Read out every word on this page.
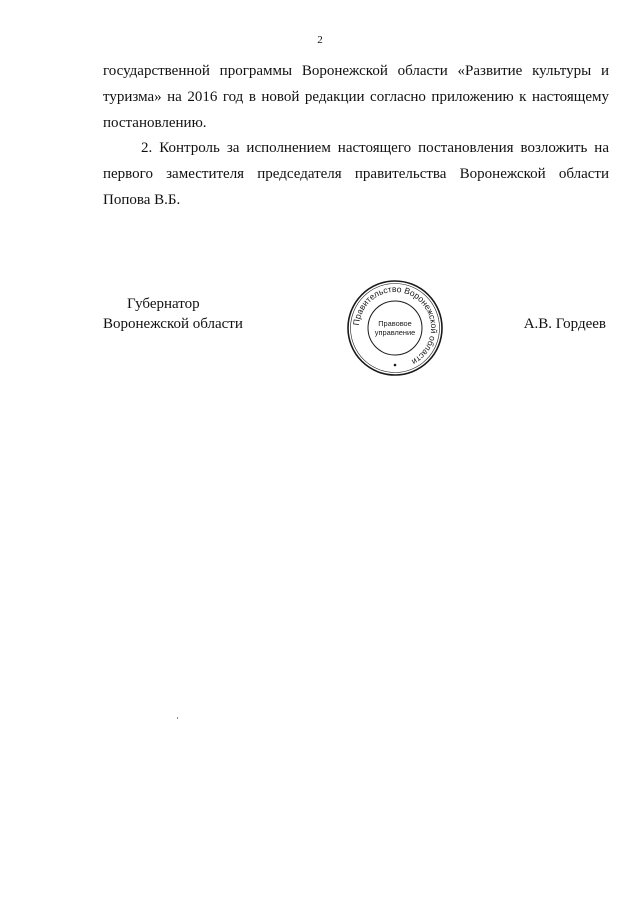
2
государственной программы Воронежской области «Развитие культуры и туризма» на 2016 год в новой редакции согласно приложению к настоящему постановлению.
2. Контроль за исполнением настоящего постановления возложить на первого заместителя председателя правительства Воронежской области Попова В.Б.
Губернатор
Воронежской области	Правительство Воронежской области
Правовое
управление
А.В. Гордеев
